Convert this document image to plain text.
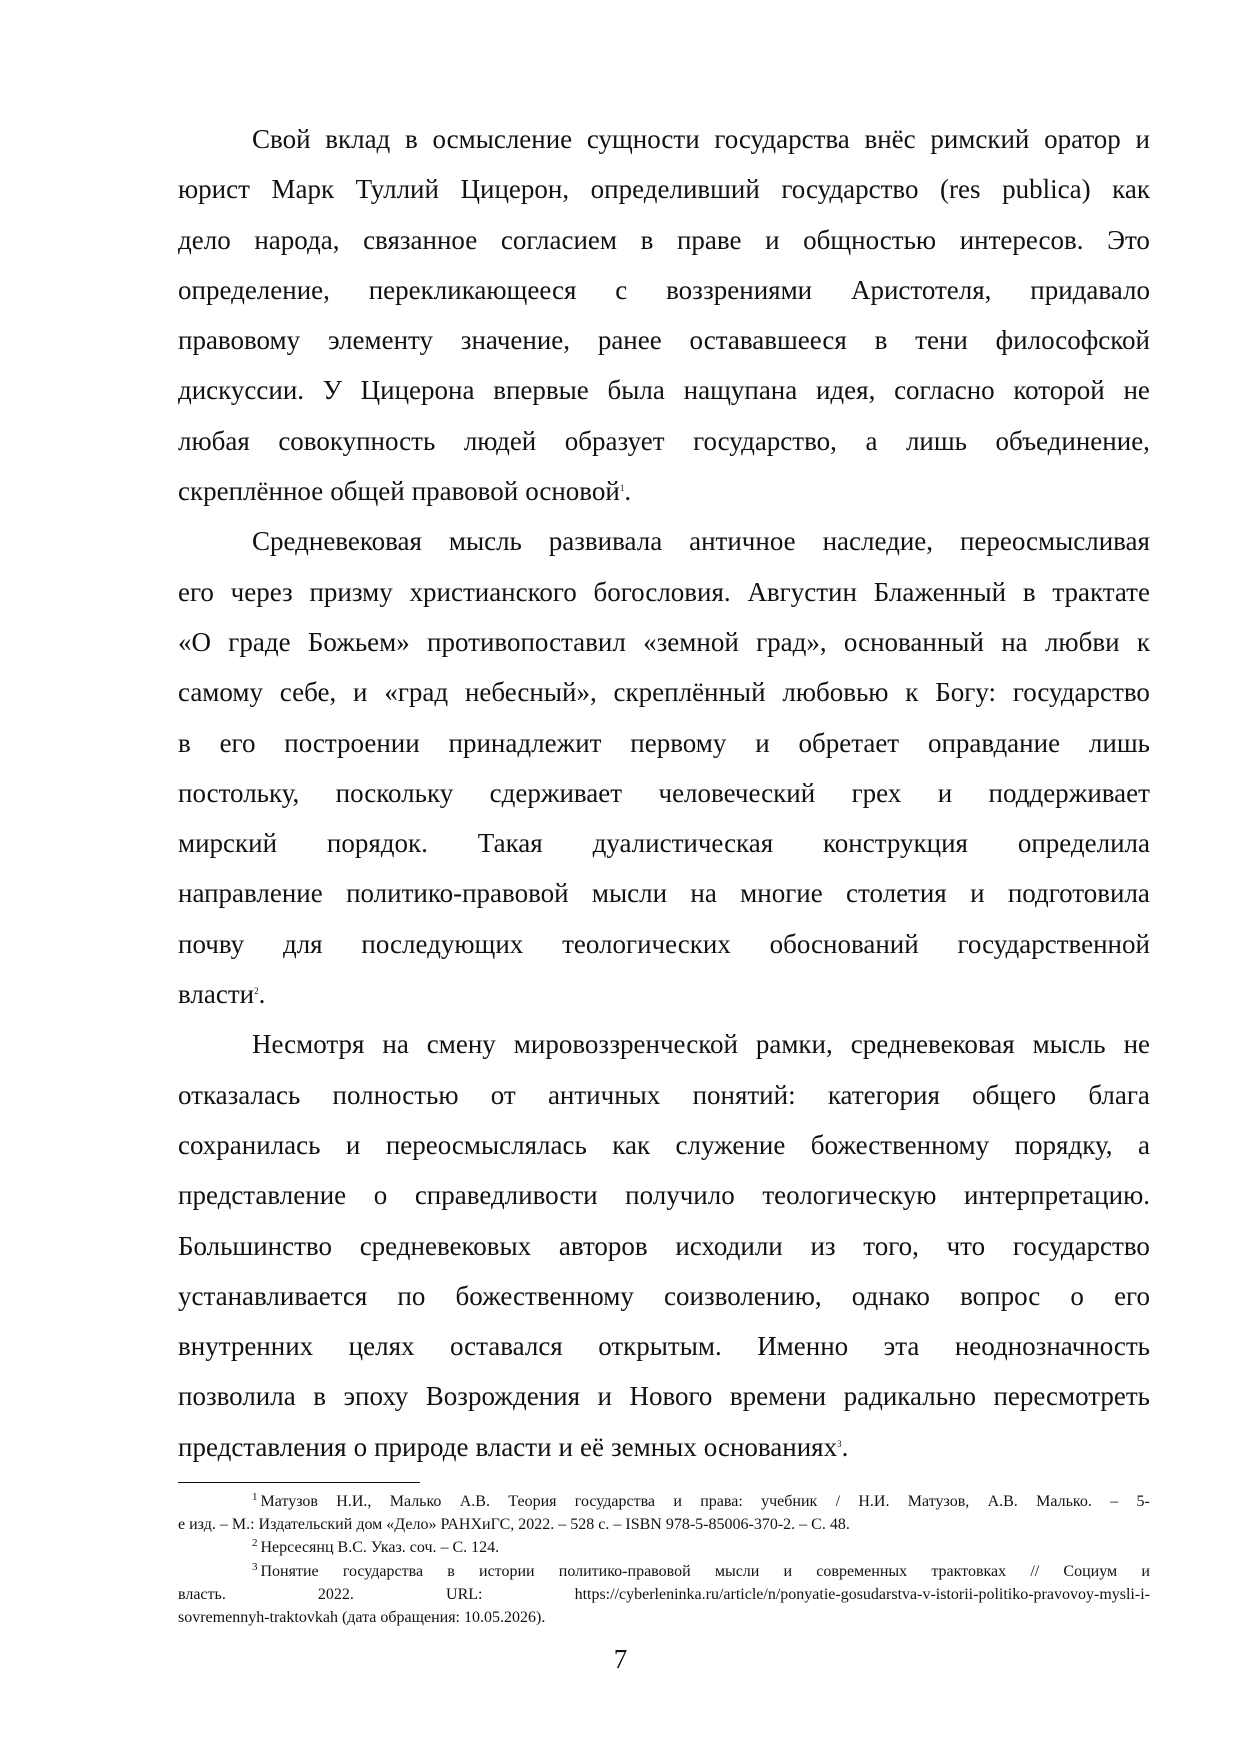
Свой вклад в осмысление сущности государства внёс римский оратор и
юрист Марк Туллий Цицерон, определивший государство (res publica) как
дело народа, связанное согласием в праве и общностью интересов. Это
определение, перекликающееся с воззрениями Аристотеля, придавало
правовому элементу значение, ранее остававшееся в тени философской
дискуссии. У Цицерона впервые была нащупана идея, согласно которой не
любая совокупность людей образует государство, а лишь объединение,
скреплённое общей правовой основой$^1$.
Средневековая мысль развивала античное наследие, переосмысливая
его через призму христианского богословия. Августин Блаженный в трактате
«О граде Божьем» противопоставил «земной град», основанный на любви к
самому себе, и «град небесный», скреплённый любовью к Богу: государство
в его построении принадлежит первому и обретает оправдание лишь
постольку, поскольку сдерживает человеческий грех и поддерживает
мирский порядок. Такая дуалистическая конструкция определила
направление политико-правовой мысли на многие столетия и подготовила
почву для последующих теологических обоснований государственной
власти$^2$.
Несмотря на смену мировоззренческой рамки, средневековая мысль не
отказалась полностью от античных понятий: категория общего блага
сохранилась и переосмыслялась как служение божественному порядку, а
представление о справедливости получило теологическую интерпретацию.
Большинство средневековых авторов исходили из того, что государство
устанавливается по божественному соизволению, однако вопрос о его
внутренних целях оставался открытым. Именно эта неоднозначность
позволила в эпоху Возрождения и Нового времени радикально пересмотреть
представления о природе власти и её земных основаниях$^3$.
$^1$ Матузов Н.И., Малько А.В. Теория государства и права: учебник / Н.И. Матузов, А.В. Малько. – 5-
е изд. – М.: Издательский дом «Дело» РАНХиГС, 2022. – 528 с. – ISBN 978-5-85006-370-2. – С. 48.
$^2$ Нерсесянц В.С. Указ. соч. – С. 124.
$^3$ Понятие государства в истории политико-правовой мысли и современных трактовках // Социум и
власть.	2022.	URL:	https://cyberleninka.ru/article/n/ponyatie-gosudarstva-v-istorii-politiko-pravovoy-mysli-i-
sovremennyh-traktovkah (дата обращения: 10.05.2026).
7
